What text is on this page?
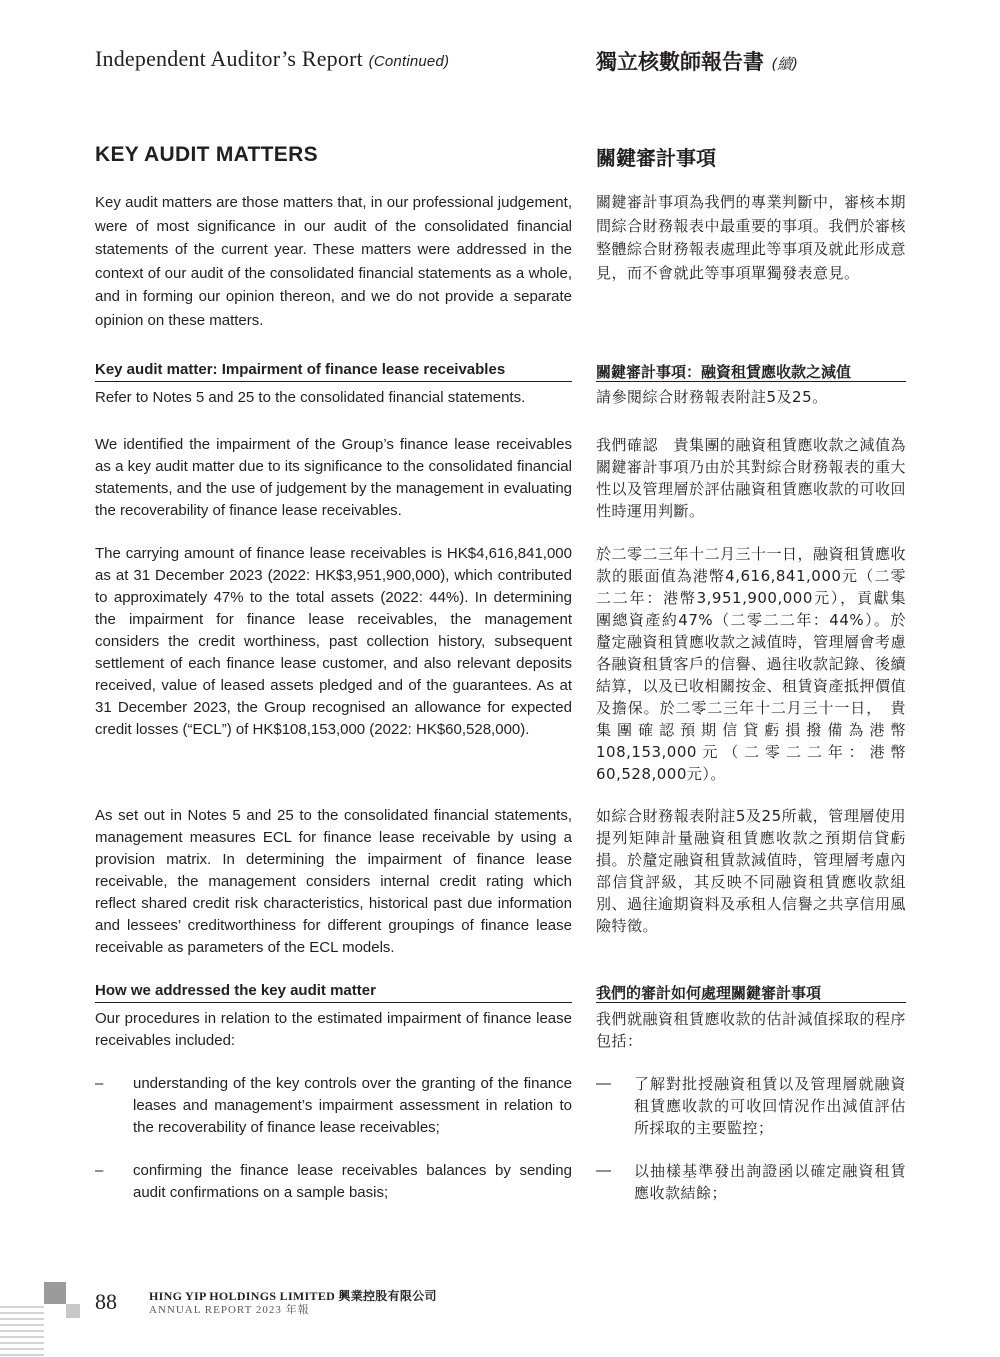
Independent Auditor’s Report (Continued)	獨立核數師報告書 (續)
KEY AUDIT MATTERS	關鍵審計事項

Key audit matters are those matters that, in our professional judgement, were of most significance in our audit of the consolidated financial statements of the current year. These matters were addressed in the context of our audit of the consolidated financial statements as a whole, and in forming our opinion thereon, and we do not provide a separate opinion on these matters.

關鍵審計事項為我們的專業判斷中，審核本期間綜合財務報表中最重要的事項。我們於審核整體綜合財務報表處理此等事項及就此形成意見，而不會就此等事項單獨發表意見。

Key audit matter: Impairment of finance lease receivables	關鍵審計事項：融資租賃應收款之減值

Refer to Notes 5 and 25 to the consolidated financial statements.	請參閱綜合財務報表附註5及25。

We identified the impairment of the Group’s finance lease receivables as a key audit matter due to its significance to the consolidated financial statements, and the use of judgement by the management in evaluating the recoverability of finance lease receivables.

我們確認　貴集團的融資租賃應收款之減值為關鍵審計事項乃由於其對綜合財務報表的重大性以及管理層於評估融資租賃應收款的可收回性時運用判斷。

The carrying amount of finance lease receivables is HK$4,616,841,000 as at 31 December 2023 (2022: HK$3,951,900,000), which contributed to approximately 47% to the total assets (2022: 44%). In determining the impairment for finance lease receivables, the management considers the credit worthiness, past collection history, subsequent settlement of each finance lease customer, and also relevant deposits received, value of leased assets pledged and of the guarantees. As at 31 December 2023, the Group recognised an allowance for expected credit losses (“ECL”) of HK$108,153,000 (2022: HK$60,528,000).

於二零二三年十二月三十一日，融資租賃應收款的賬面值為港幣4,616,841,000元（二零二二年：港幣3,951,900,000元），貢獻集團總資產約47%（二零二二年：44%）。於釐定融資租賃應收款之減值時，管理層會考慮各融資租賃客戶的信譽、過往收款記錄、後續結算，以及已收相關按金、租賃資產抵押價值及擔保。於二零二三年十二月三十一日，　貴集團確認預期信貸虧損撥備為港幣108,153,000元（二零二二年：港幣60,528,000元）。

As set out in Notes 5 and 25 to the consolidated financial statements, management measures ECL for finance lease receivable by using a provision matrix. In determining the impairment of finance lease receivable, the management considers internal credit rating which reflect shared credit risk characteristics, historical past due information and lessees’ creditworthiness for different groupings of finance lease receivable as parameters of the ECL models.

如綜合財務報表附註5及25所載，管理層使用提列矩陣計量融資租賃應收款之預期信貸虧損。於釐定融資租賃款減值時，管理層考慮內部信貸評級，其反映不同融資租賃應收款組別、過往逾期資料及承租人信譽之共享信用風險特徵。

How we addressed the key audit matter	我們的審計如何處理關鍵審計事項

Our procedures in relation to the estimated impairment of finance lease receivables included:

我們就融資租賃應收款的估計減值採取的程序包括：

– understanding of the key controls over the granting of the finance leases and management’s impairment assessment in relation to the recoverability of finance lease receivables;

— 了解對批授融資租賃以及管理層就融資租賃應收款的可收回情況作出減值評估所採取的主要監控；

– confirming the finance lease receivables balances by sending audit confirmations on a sample basis;

— 以抽樣基準發出詢證函以確定融資租賃應收款結餘；

88	HING YIP HOLDINGS LIMITED 興業控股有限公司
ANNUAL REPORT 2023 年報
